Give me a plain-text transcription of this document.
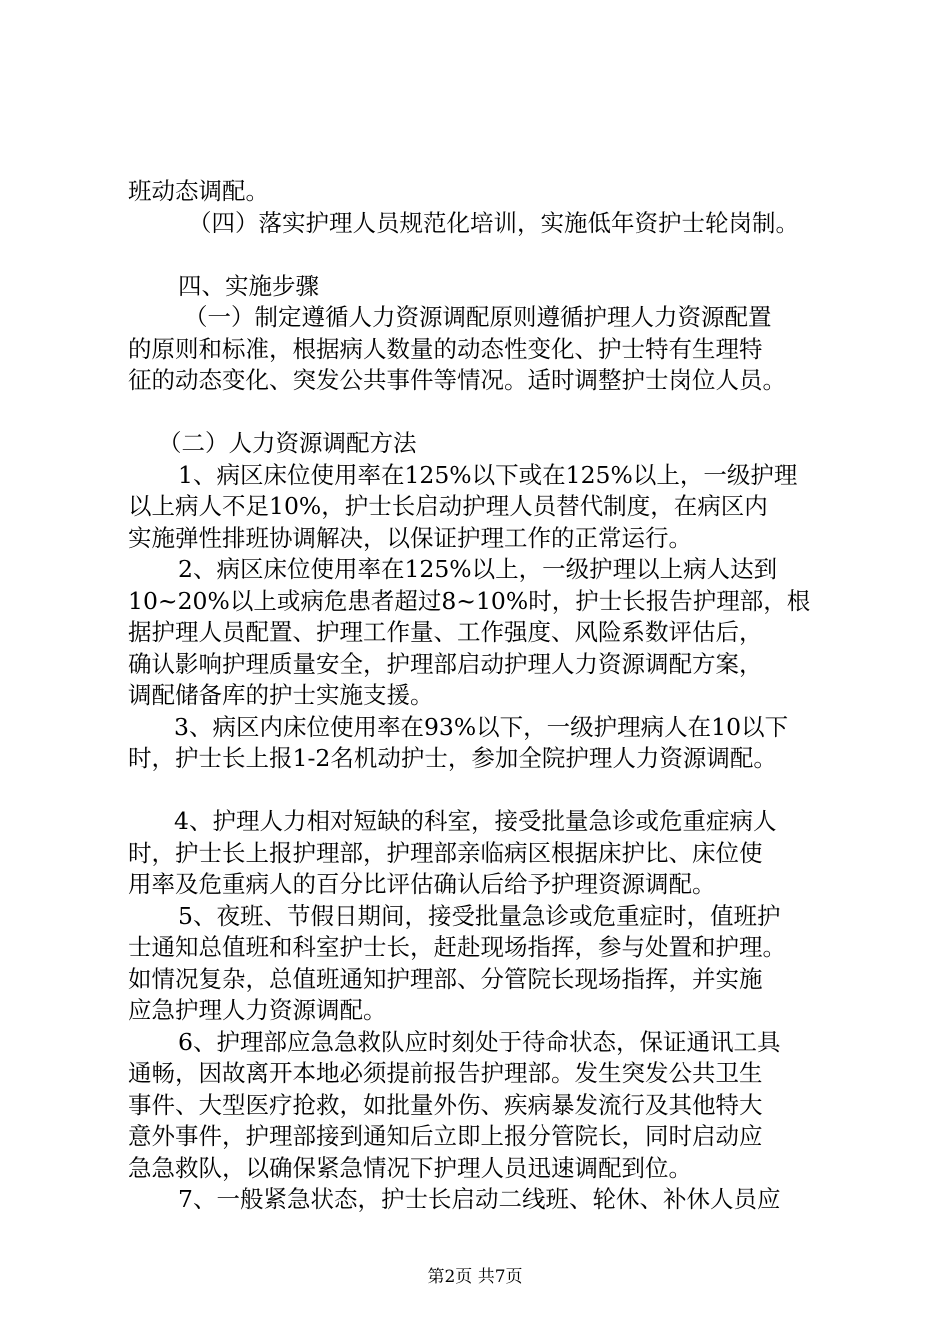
班动态调配。
（四）落实护理人员规范化培训，实施低年资护士轮岗制。
四、实施步骤
（一）制定遵循人力资源调配原则遵循护理人力资源配置
的原则和标准，根据病人数量的动态性变化、护士特有生理特
征的动态变化、突发公共事件等情况。适时调整护士岗位人员。
（二）人力资源调配方法
1、病区床位使用率在125%以下或在125%以上，一级护理
以上病人不足10%，护士长启动护理人员替代制度，在病区内
实施弹性排班协调解决，以保证护理工作的正常运行。
2、病区床位使用率在125%以上，一级护理以上病人达到
10~20%以上或病危患者超过8~10%时，护士长报告护理部，根
据护理人员配置、护理工作量、工作强度、风险系数评估后，
确认影响护理质量安全，护理部启动护理人力资源调配方案，
调配储备库的护士实施支援。
3、病区内床位使用率在93%以下，一级护理病人在10以下
时，护士长上报1-2名机动护士，参加全院护理人力资源调配。
4、护理人力相对短缺的科室，接受批量急诊或危重症病人
时，护士长上报护理部，护理部亲临病区根据床护比、床位使
用率及危重病人的百分比评估确认后给予护理资源调配。
5、夜班、节假日期间，接受批量急诊或危重症时，值班护
士通知总值班和科室护士长，赶赴现场指挥，参与处置和护理。
如情况复杂，总值班通知护理部、分管院长现场指挥，并实施
应急护理人力资源调配。
6、护理部应急急救队应时刻处于待命状态，保证通讯工具
通畅，因故离开本地必须提前报告护理部。发生突发公共卫生
事件、大型医疗抢救，如批量外伤、疾病暴发流行及其他特大
意外事件，护理部接到通知后立即上报分管院长，同时启动应
急急救队，以确保紧急情况下护理人员迅速调配到位。
7、一般紧急状态，护士长启动二线班、轮休、补休人员应
第2页 共7页
